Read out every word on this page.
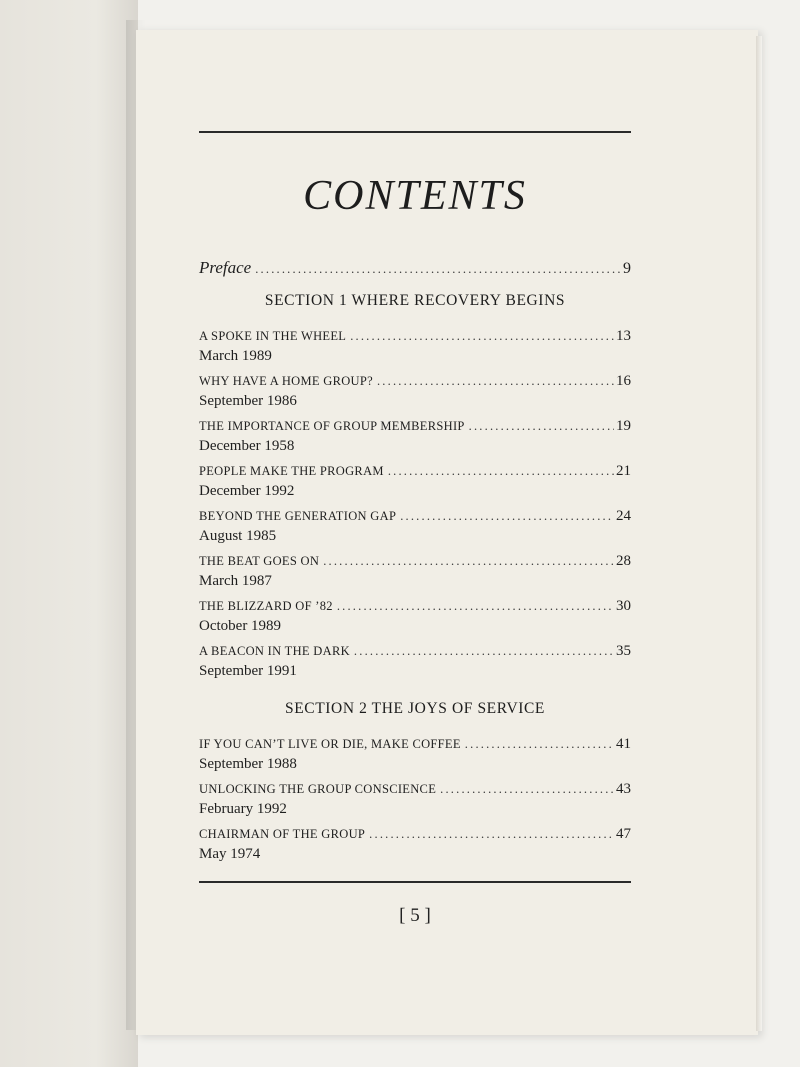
CONTENTS
Preface .....	9
SECTION 1 WHERE RECOVERY BEGINS
A SPOKE IN THE WHEEL .....	13
March 1989
WHY HAVE A HOME GROUP? .....	16
September 1986
THE IMPORTANCE OF GROUP MEMBERSHIP .....	19
December 1958
PEOPLE MAKE THE PROGRAM .....	21
December 1992
BEYOND THE GENERATION GAP .....	24
August 1985
THE BEAT GOES ON .....	28
March 1987
THE BLIZZARD OF ’82 .....	30
October 1989
A BEACON IN THE DARK .....	35
September 1991
SECTION 2 THE JOYS OF SERVICE
IF YOU CAN’T LIVE OR DIE, MAKE COFFEE .....	41
September 1988
UNLOCKING THE GROUP CONSCIENCE .....	43
February 1992
CHAIRMAN OF THE GROUP .....	47
May 1974
[ 5 ]
